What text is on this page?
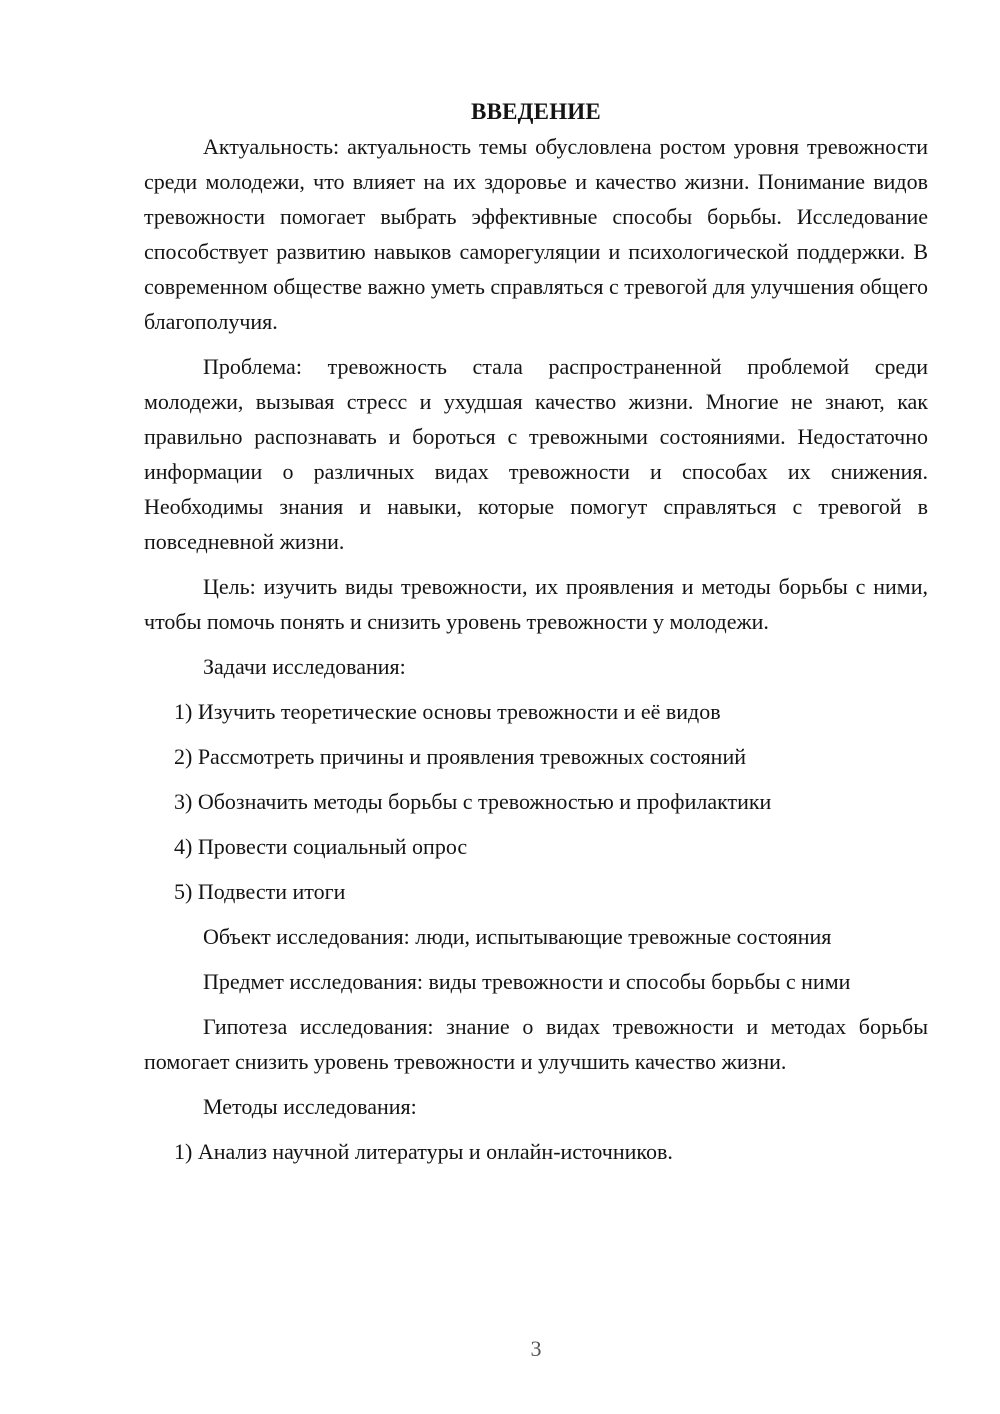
ВВЕДЕНИЕ

Актуальность: актуальность темы обусловлена ростом уровня тревожности среди молодежи, что влияет на их здоровье и качество жизни. Понимание видов тревожности помогает выбрать эффективные способы борьбы. Исследование способствует развитию навыков саморегуляции и психологической поддержки. В современном обществе важно уметь справляться с тревогой для улучшения общего благополучия.

Проблема: тревожность стала распространенной проблемой среди молодежи, вызывая стресс и ухудшая качество жизни. Многие не знают, как правильно распознавать и бороться с тревожными состояниями. Недостаточно информации о различных видах тревожности и способах их снижения. Необходимы знания и навыки, которые помогут справляться с тревогой в повседневной жизни.

Цель: изучить виды тревожности, их проявления и методы борьбы с ними, чтобы помочь понять и снизить уровень тревожности у молодежи.

Задачи исследования:
1) Изучить теоретические основы тревожности и её видов
2) Рассмотреть причины и проявления тревожных состояний
3) Обозначить методы борьбы с тревожностью и профилактики
4) Провести социальный опрос
5) Подвести итоги

Объект исследования: люди, испытывающие тревожные состояния

Предмет исследования: виды тревожности и способы борьбы с ними

Гипотеза исследования: знание о видах тревожности и методах борьбы помогает снизить уровень тревожности и улучшить качество жизни.

Методы исследования:
1) Анализ научной литературы и онлайн-источников.
3
